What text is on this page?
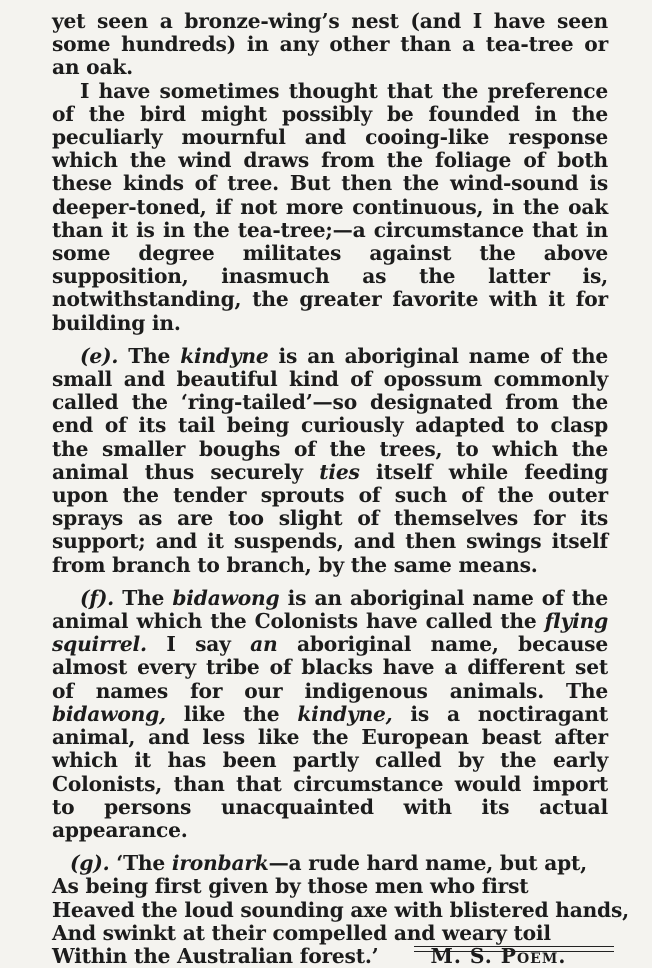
yet seen a bronze-wing’s nest (and I have seen some hundreds) in any other than a tea-tree or an oak.

I have sometimes thought that the preference of the bird might possibly be founded in the peculiarly mournful and cooing-like response which the wind draws from the foliage of both these kinds of tree. But then the wind-sound is deeper-toned, if not more continuous, in the oak than it is in the tea-tree;—a circumstance that in some degree militates against the above supposition, inasmuch as the latter is, notwithstanding, the greater favorite with it for building in.

(e). The kindyne is an aboriginal name of the small and beautiful kind of opossum commonly called the ‘ring-tailed’—so designated from the end of its tail being curiously adapted to clasp the smaller boughs of the trees, to which the animal thus securely ties itself while feeding upon the tender sprouts of such of the outer sprays as are too slight of themselves for its support; and it suspends, and then swings itself from branch to branch, by the same means.

(f). The bidawong is an aboriginal name of the animal which the Colonists have called the flying squirrel. I say an aboriginal name, because almost every tribe of blacks have a different set of names for our indigenous animals. The bidawong, like the kindyne, is a noctiragant animal, and less like the European beast after which it has been partly called by the early Colonists, than that circumstance would import to persons unacquainted with its actual appearance.

(g). ‘The ironbark—a rude hard name, but apt,
As being first given by those men who first
Heaved the loud sounding axe with blistered hands,
And swinkt at their compelled and weary toil
Within the Australian forest.’	M. S. Poem.
